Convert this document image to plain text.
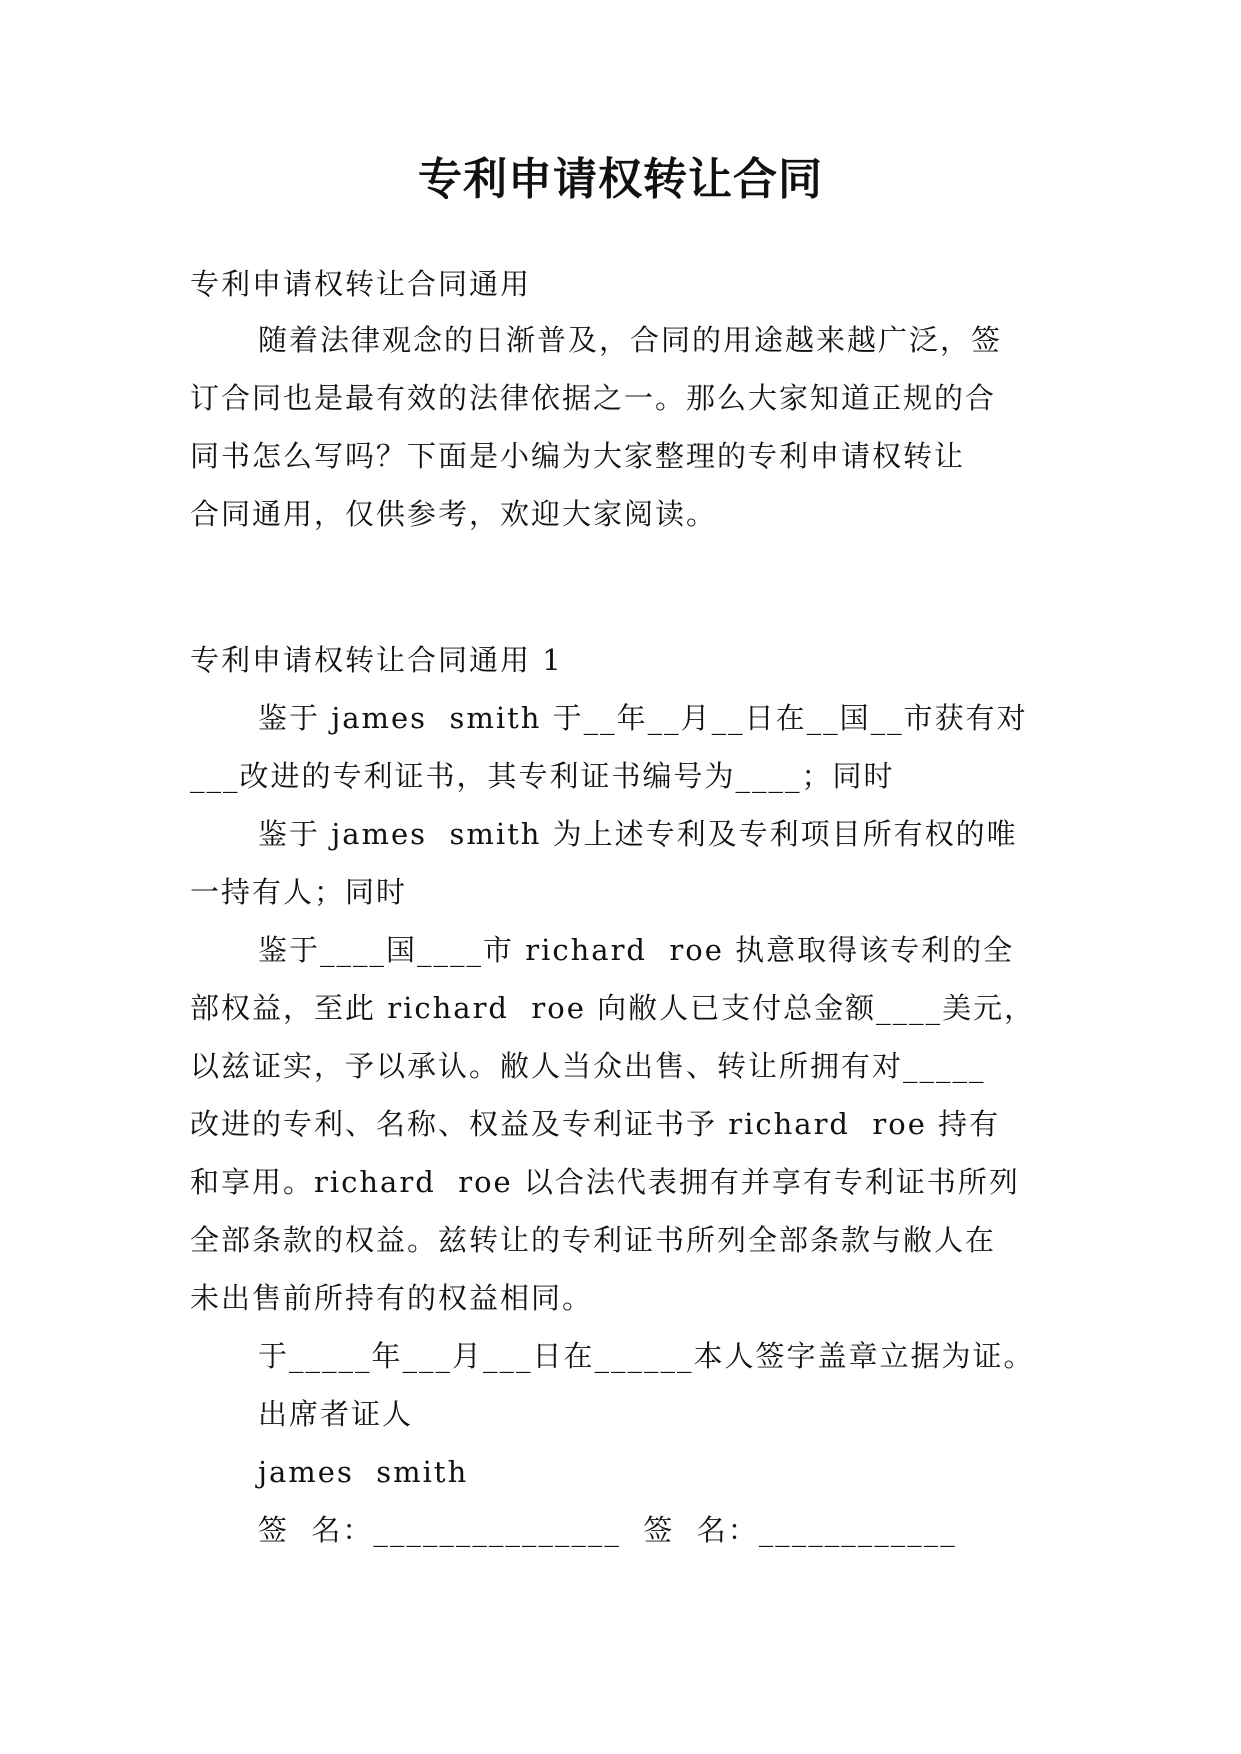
专利申请权转让合同

专利申请权转让合同通用

随着法律观念的日渐普及，合同的用途越来越广泛，签

订合同也是最有效的法律依据之一。那么大家知道正规的合

同书怎么写吗？下面是小编为大家整理的专利申请权转让

合同通用，仅供参考，欢迎大家阅读。

专利申请权转让合同通用 1

鉴于 james  smith 于__年__月__日在__国__市获有对

___改进的专利证书，其专利证书编号为____；同时

鉴于 james  smith 为上述专利及专利项目所有权的唯

一持有人；同时

鉴于____国____市 richard  roe 执意取得该专利的全

部权益，至此 richard  roe 向敝人已支付总金额____美元，

以兹证实，予以承认。敝人当众出售、转让所拥有对_____

改进的专利、名称、权益及专利证书予 richard  roe 持有

和享用。richard  roe 以合法代表拥有并享有专利证书所列

全部条款的权益。兹转让的专利证书所列全部条款与敝人在

未出售前所持有的权益相同。

于_____年___月___日在______本人签字盖章立据为证。

出席者证人

james  smith

签  名：_______________  签  名：____________
